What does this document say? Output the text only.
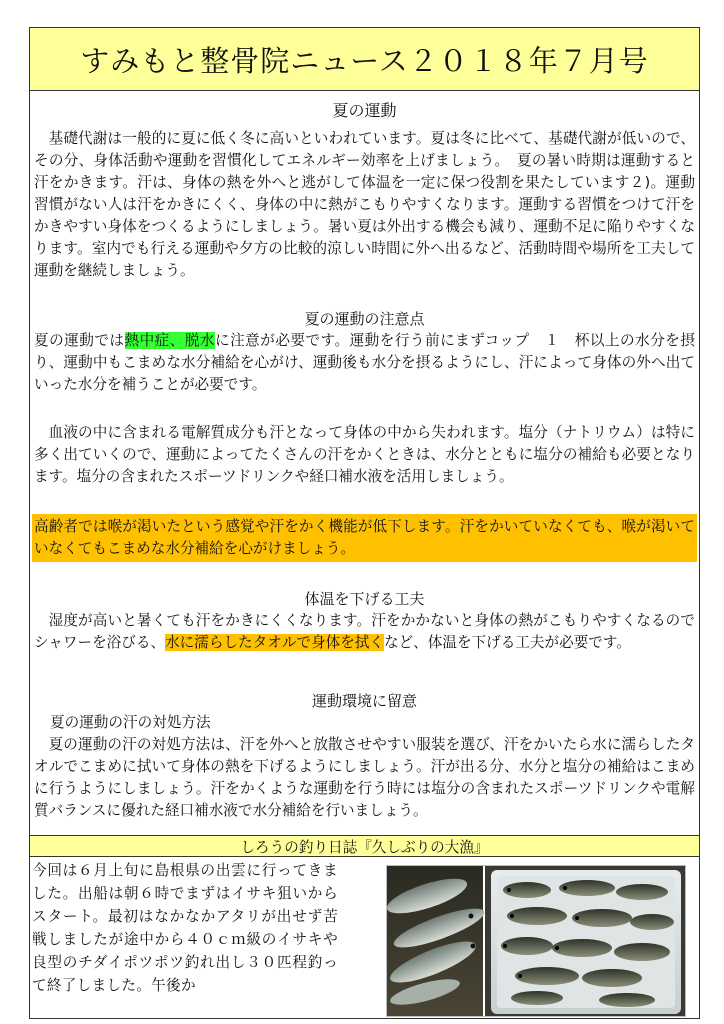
すみもと整骨院ニュース２０１８年７月号
夏の運動

基礎代謝は一般的に夏に低く冬に高いといわれています。夏は冬に比べて、基礎代謝が低いので、その分、身体活動や運動を習慣化してエネルギー効率を上げましょう。　夏の暑い時期は運動すると汗をかきます。汗は、身体の熱を外へと逃がして体温を一定に保つ役割を果たしています２)。運動習慣がない人は汗をかきにくく、身体の中に熱がこもりやすくなります。運動する習慣をつけて汗をかきやすい身体をつくるようにしましょう。暑い夏は外出する機会も減り、運動不足に陥りやすくなります。室内でも行える運動や夕方の比較的涼しい時間に外へ出るなど、活動時間や場所を工夫して運動を継続しましょう。

夏の運動の注意点

夏の運動では熱中症、脱水に注意が必要です。運動を行う前にまずコップ　１　杯以上の水分を摂り、運動中もこまめな水分補給を心がけ、運動後も水分を摂るようにし、汗によって身体の外へ出ていった水分を補うことが必要です。

血液の中に含まれる電解質成分も汗となって身体の中から失われます。塩分（ナトリウム）は特に多く出ていくので、運動によってたくさんの汗をかくときは、水分とともに塩分の補給も必要となります。塩分の含まれたスポーツドリンクや経口補水液を活用しましょう。

高齢者では喉が渇いたという感覚や汗をかく機能が低下します。汗をかいていなくても、喉が渇いていなくてもこまめな水分補給を心がけましょう。

体温を下げる工夫

湿度が高いと暑くても汗をかきにくくなります。汗をかかないと身体の熱がこもりやすくなるのでシャワーを浴びる、水に濡らしたタオルで身体を拭くなど、体温を下げる工夫が必要です。

運動環境に留意

夏の運動の汗の対処方法

夏の運動の汗の対処方法は、汗を外へと放散させやすい服装を選び、汗をかいたら水に濡らしたタオルでこまめに拭いて身体の熱を下げるようにしましょう。汗が出る分、水分と塩分の補給はこまめに行うようにしましょう。汗をかくような運動を行う時には塩分の含まれたスポーツドリンクや電解質バランスに優れた経口補水液で水分補給を行いましょう。

しろうの釣り日誌『久しぶりの大漁』

今回は６月上旬に島根県の出雲に行ってきました。出船は朝６時でまずはイサキ狙いからスタート。最初はなかなかアタリが出せず苦戦しましたが途中から４０ｃｍ級のイサキや良型のチダイポツポツ釣れ出し３０匹程釣って終了しました。午後か
